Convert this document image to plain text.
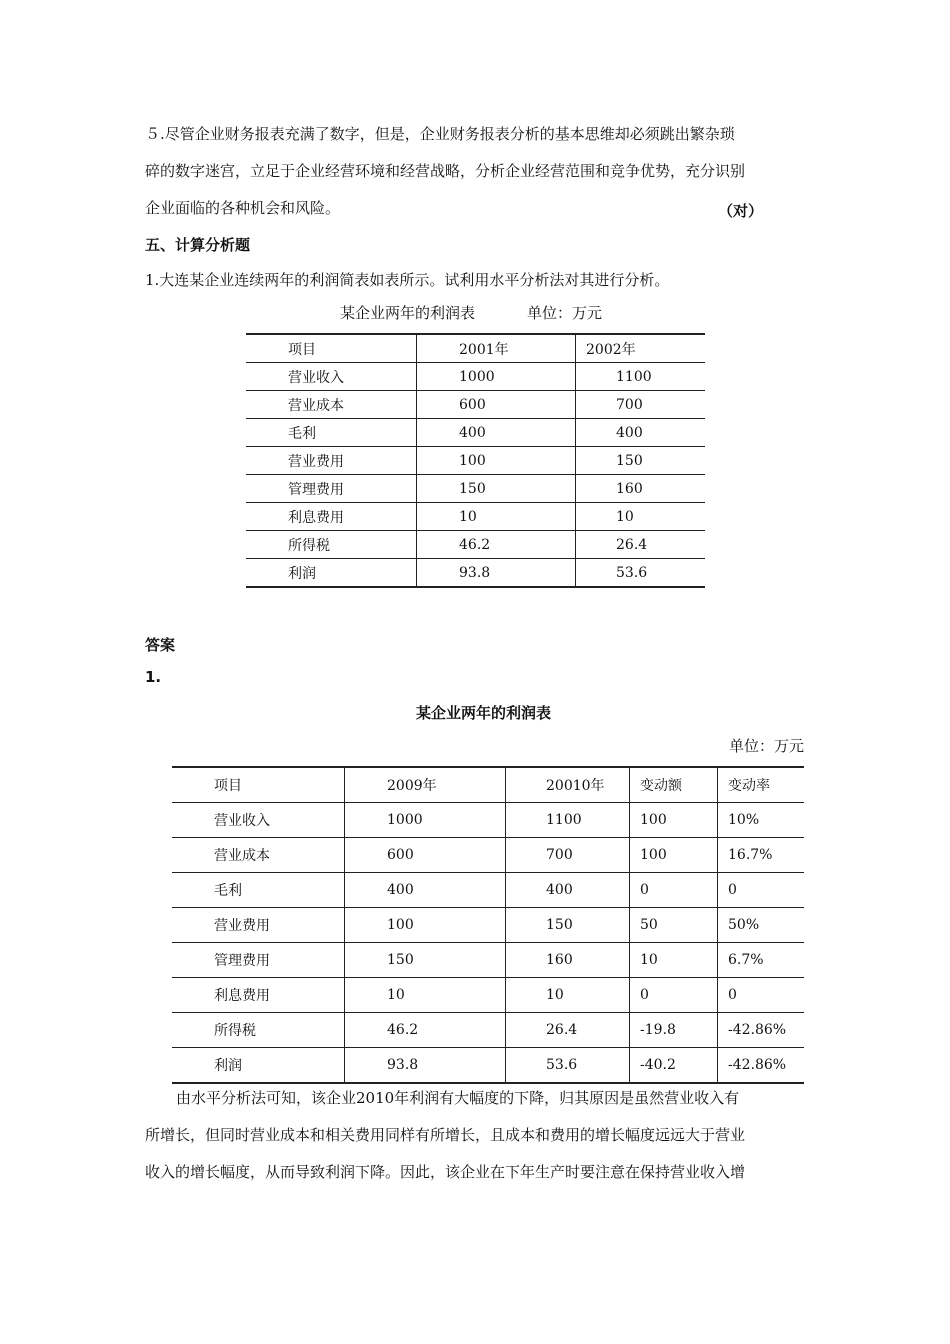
５.尽管企业财务报表充满了数字，但是，企业财务报表分析的基本思维却必须跳出繁杂琐
碎的数字迷宫，立足于企业经营环境和经营战略，分析企业经营范围和竞争优势，充分识别
企业面临的各种机会和风险。	（对）
五、计算分析题
1.大连某企业连续两年的利润简表如表所示。试利用水平分析法对其进行分析。
某企业两年的利润表	单位：万元
项目	2001年	2002年
营业收入	1000	1100
营业成本	600	700
毛利	400	400
营业费用	100	150
管理费用	150	160
利息费用	10	10
所得税	46.2	26.4
利润	93.8	53.6
答案
1.
某企业两年的利润表
单位：万元
项目	2009年	20010年	变动额	变动率
营业收入	1000	1100	100	10%
营业成本	600	700	100	16.7%
毛利	400	400	0	0
营业费用	100	150	50	50%
管理费用	150	160	10	6.7%
利息费用	10	10	0	0
所得税	46.2	26.4	-19.8	-42.86%
利润	93.8	53.6	-40.2	-42.86%
由水平分析法可知，该企业2010年利润有大幅度的下降，归其原因是虽然营业收入有
所增长，但同时营业成本和相关费用同样有所增长，且成本和费用的增长幅度远远大于营业
收入的增长幅度，从而导致利润下降。因此，该企业在下年生产时要注意在保持营业收入增
